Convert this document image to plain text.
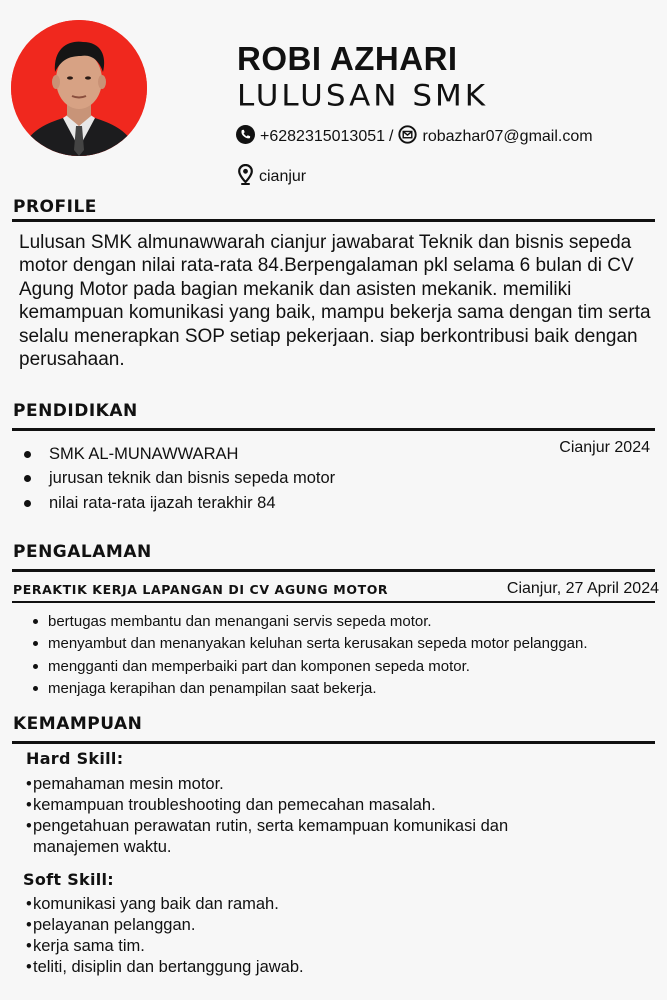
ROBI AZHARI
LULUSAN SMK
+6282315013051 / robazhar07@gmail.com
cianjur
PROFILE
Lulusan SMK almunawwarah cianjur jawabarat Teknik dan bisnis sepeda motor dengan nilai rata-rata 84.Berpengalaman pkl selama 6 bulan di CV Agung Motor pada bagian mekanik dan asisten mekanik. memiliki kemampuan komunikasi yang baik, mampu bekerja sama dengan tim serta selalu menerapkan SOP setiap pekerjaan. siap berkontribusi baik dengan perusahaan.
PENDIDIKAN
Cianjur 2024
SMK AL-MUNAWWARAH
jurusan teknik dan bisnis sepeda motor
nilai rata-rata ijazah terakhir 84
PENGALAMAN
PERAKTIK KERJA LAPANGAN DI CV AGUNG MOTOR	Cianjur, 27 April 2024
bertugas membantu dan menangani servis sepeda motor.
menyambut dan menanyakan keluhan serta kerusakan sepeda motor pelanggan.
mengganti dan memperbaiki part dan komponen sepeda motor.
menjaga kerapihan dan penampilan saat bekerja.
KEMAMPUAN
Hard Skill:
• pemahaman mesin motor.
• kemampuan troubleshooting dan pemecahan masalah.
• pengetahuan perawatan rutin, serta kemampuan komunikasi dan manajemen waktu.
Soft Skill:
• komunikasi yang baik dan ramah.
• pelayanan pelanggan.
• kerja sama tim.
• teliti, disiplin dan bertanggung jawab.
